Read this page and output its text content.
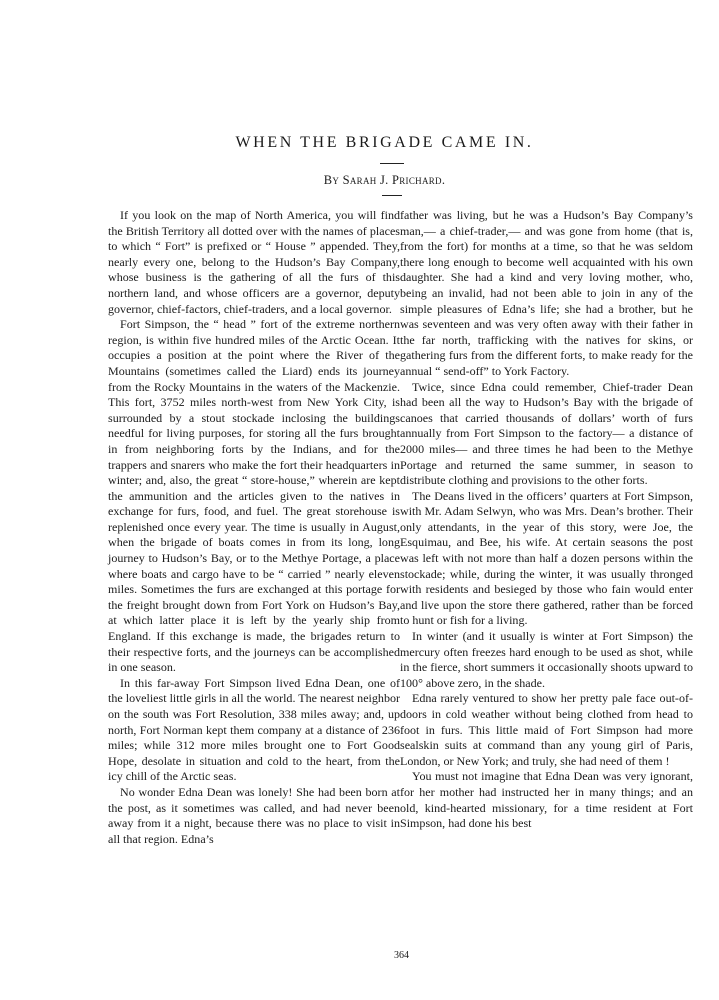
WHEN THE BRIGADE CAME IN.
By Sarah J. Prichard.

If you look on the map of North America, you will find the British Territory all dotted over with the names of places to which “ Fort” is prefixed or “ House ” appended. They, nearly every one, belong to the Hudson’s Bay Company, whose business is the gathering of all the furs of this northern land, and whose officers are a governor, deputy governor, chief-factors, chief-traders, and a local governor.

Fort Simpson, the “ head ” fort of the extreme northern region, is within five hundred miles of the Arctic Ocean. It occupies a position at the point where the River of the Mountains (sometimes called the Liard) ends its journey from the Rocky Mountains in the waters of the Mackenzie. This fort, 3752 miles north-west from New York City, is surrounded by a stout stockade inclosing the buildings needful for living purposes, for storing all the furs brought in from neighboring forts by the Indians, and for the trappers and snarers who make the fort their headquarters in winter; and, also, the great “ store-house,” wherein are kept the ammunition and the articles given to the natives in exchange for furs, food, and fuel. The great storehouse is replenished once every year. The time is usually in August, when the brigade of boats comes in from its long, long journey to Hudson’s Bay, or to the Methye Portage, a place where boats and cargo have to be “ carried ” nearly eleven miles. Sometimes the furs are exchanged at this portage for the freight brought down from Fort York on Hudson’s Bay, at which latter place it is left by the yearly ship from England. If this exchange is made, the brigades return to their respective forts, and the journeys can be accomplished in one season.

In this far-away Fort Simpson lived Edna Dean, one of the loveliest little girls in all the world. The nearest neighbor on the south was Fort Resolution, 338 miles away; and, up north, Fort Norman kept them company at a distance of 236 miles; while 312 more miles brought one to Fort Good Hope, desolate in situation and cold to the heart, from the icy chill of the Arctic seas.

No wonder Edna Dean was lonely! She had been born at the post, as it sometimes was called, and had never been away from it a night, because there was no place to visit in all that region. Edna’s

father was living, but he was a Hudson’s Bay Company’s man,— a chief-trader,— and was gone from home (that is, from the fort) for months at a time, so that he was seldom there long enough to become well acquainted with his own daughter. She had a kind and very loving mother, who, being an invalid, had not been able to join in any of the simple pleasures of Edna’s life; she had a brother, but he was seventeen and was very often away with their father in the far north, trafficking with the natives for skins, or gathering furs from the different forts, to make ready for the annual “ send-off” to York Factory.

Twice, since Edna could remember, Chief-trader Dean had been all the way to Hudson’s Bay with the brigade of canoes that carried thousands of dollars’ worth of furs annually from Fort Simpson to the factory— a distance of 2000 miles— and three times he had been to the Methye Portage and returned the same summer, in season to distribute clothing and provisions to the other forts.

The Deans lived in the officers’ quarters at Fort Simpson, with Mr. Adam Selwyn, who was Mrs. Dean’s brother. Their only attendants, in the year of this story, were Joe, the Esquimau, and Bee, his wife. At certain seasons the post was left with not more than half a dozen persons within the stockade; while, during the winter, it was usually thronged with residents and besieged by those who fain would enter and live upon the store there gathered, rather than be forced to hunt or fish for a living.

In winter (and it usually is winter at Fort Simpson) the mercury often freezes hard enough to be used as shot, while in the fierce, short summers it occasionally shoots upward to 100° above zero, in the shade.

Edna rarely ventured to show her pretty pale face out-of-doors in cold weather without being clothed from head to foot in furs. This little maid of Fort Simpson had more sealskin suits at command than any young girl of Paris, London, or New York; and truly, she had need of them !

You must not imagine that Edna Dean was very ignorant, for her mother had instructed her in many things; and an old, kind-hearted missionary, for a time resident at Fort Simpson, had done his best

364
